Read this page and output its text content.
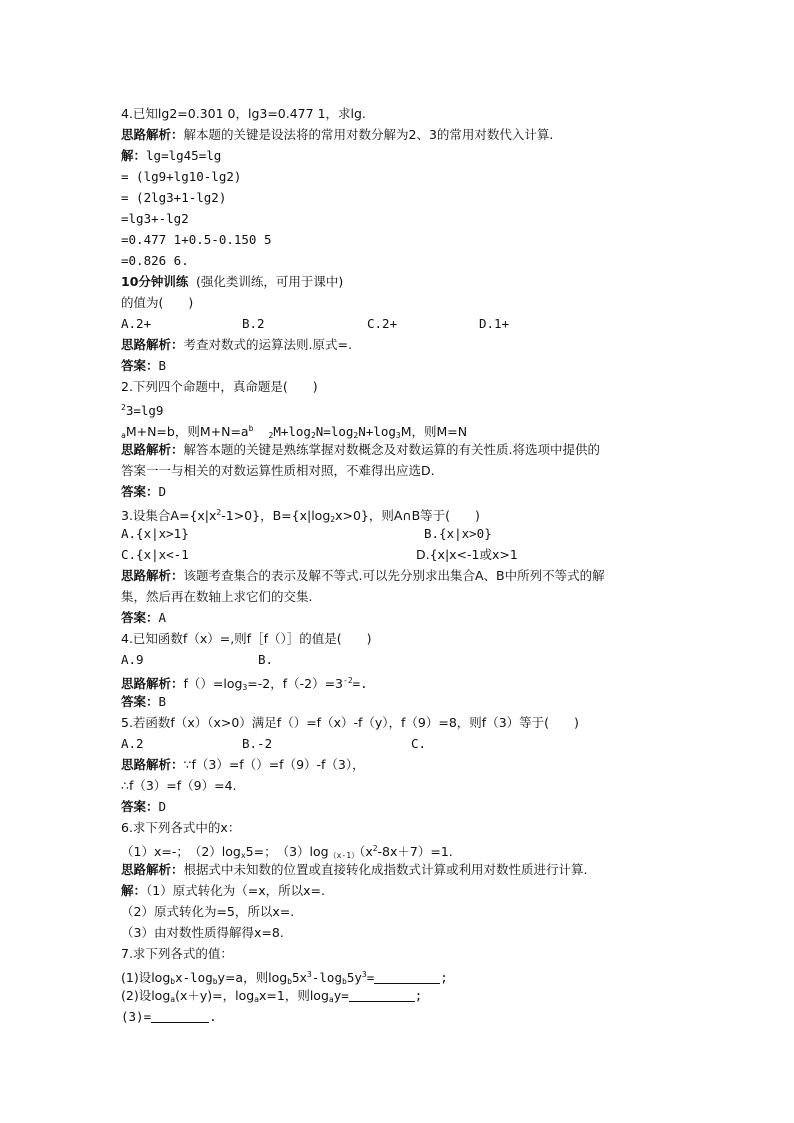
4.已知lg2=0.301 0，lg3=0.477 1，求lg.
思路解析：解本题的关键是设法将的常用对数分解为2、3的常用对数代入计算.
解：lg=lg45=lg
= (lg9+lg10-lg2)
= (2lg3+1-lg2)
=lg3+-lg2
=0.477 1+0.5-0.150 5
=0.826 6.
10分钟训练 (强化类训练，可用于课中)
的值为(　　)
A.2+	B.2	C.2+	D.1+
思路解析：考查对数式的运算法则.原式=.
答案：B
2.下列四个命题中，真命题是(　　)
$^2$3=lg9
$_a$M+N=b，则$M+N=a^b$  $_2M+\log_2N=\log_2N+\log_3M$，则M=N
思路解析：解答本题的关键是熟练掌握对数概念及对数运算的有关性质.将选项中提供的
答案一一与相关的对数运算性质相对照，不难得出应选D.
答案：D
3.设集合$A=\{x|x^2-1>0\}$，$B=\{x|\log_2x>0\}$，则A∩B等于(　　)
A.{x|x>1}	B.{x|x>0}
C.{x|x<-1	D.{x|x<-1或x>1
思路解析：该题考查集合的表示及解不等式.可以先分别求出集合A、B中所列不等式的解
集，然后再在数轴上求它们的交集.
答案：A
4.已知函数f（x）=,则f［f（）］的值是(　　)
A.9	B.
思路解析：$f()=\log_3=-2$，$f(-2)=3^{-2}=$.
答案：B
5.若函数f（x）（x>0）满足f（）=f（x）-f（y），f（9）=8，则f（3）等于(　　)
A.2	B.-2	C.
思路解析：∵f（3）=f（）=f（9）-f（3），
∴f（3）=f（9）=4.
答案：D
6.求下列各式中的x：
（1）x=-；　$(2)\log_x5=$；　$(3)\log_{(x-1)}(x^2-8x+7)=1$.
思路解析：根据式中未知数的位置或直接转化成指数式计算或利用对数性质进行计算.
解：（1）原式转化为（=x，所以x=.
（2）原式转化为=5，所以x=.
（3）由对数性质得解得x=8.
7.求下列各式的值：
(1)设$\log_bx-\log_by=a$，则$\log_b5x^3-\log_b5y^3=$	;
(2)设$\log_a(x+y)=$，$\log_ax=1$，则$\log_ay=$	;
(3)=	.
